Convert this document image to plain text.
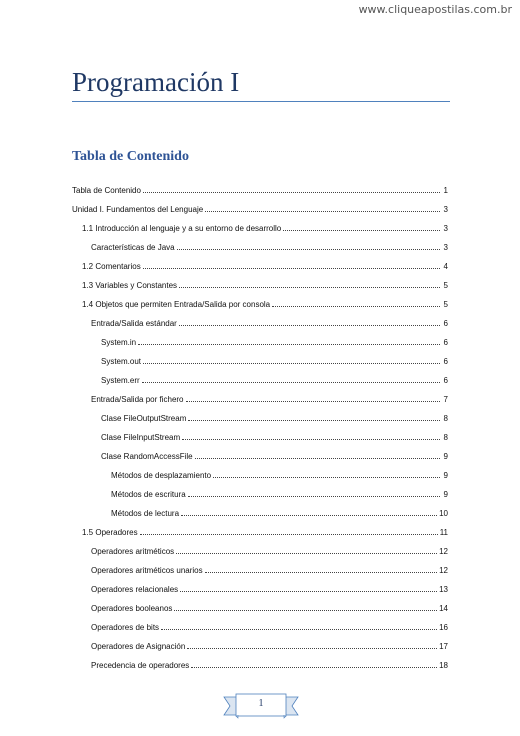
www.cliqueapostilas.com.br
Programación I
Tabla de Contenido
Tabla de Contenido	1
Unidad I. Fundamentos del Lenguaje	3
1.1 Introducción al lenguaje y a su entorno de desarrollo	3
Características de Java	3
1.2 Comentarios	4
1.3 Variables y Constantes	5
1.4 Objetos que permiten Entrada/Salida por consola	5
Entrada/Salida estándar	6
System.in	6
System.out	6
System.err	6
Entrada/Salida por fichero	7
Clase FileOutputStream	8
Clase FileInputStream	8
Clase RandomAccessFile	9
Métodos de desplazamiento	9
Métodos de escritura	9
Métodos de lectura	10
1.5 Operadores	11
Operadores aritméticos	12
Operadores aritméticos unarios	12
Operadores relacionales	13
Operadores booleanos	14
Operadores de bits	16
Operadores de Asignación	17
Precedencia de operadores	18
1
